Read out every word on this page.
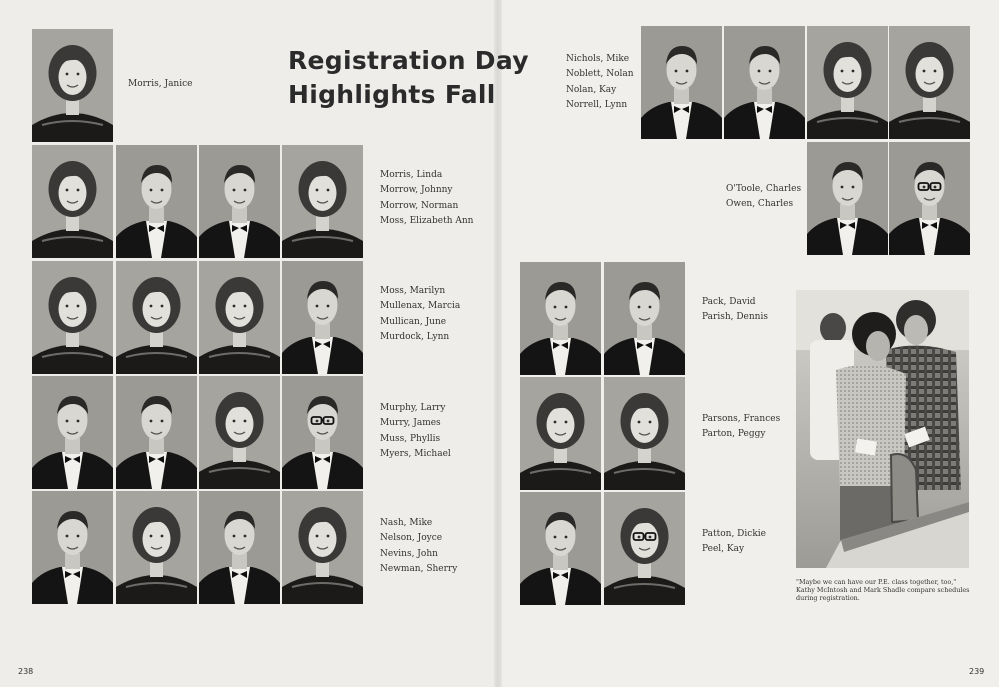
Registration Day
Highlights Fall
Morris, Janice
Morris, Linda
Morrow, Johnny
Morrow, Norman
Moss, Elizabeth Ann
Moss, Marilyn
Mullenax, Marcia
Mullican, June
Murdock, Lynn
Murphy, Larry
Murry, James
Muss, Phyllis
Myers, Michael
Nash, Mike
Nelson, Joyce
Nevins, John
Newman, Sherry
Nichols, Mike
Noblett, Nolan
Nolan, Kay
Norrell, Lynn
O'Toole, Charles
Owen, Charles
Pack, David
Parish, Dennis
Parsons, Frances
Parton, Peggy
Patton, Dickie
Peel, Kay
"Maybe we can have our P.E. class together, too," Kathy McIntosh and Mark Shadle compare schedules during registration.
238	239
